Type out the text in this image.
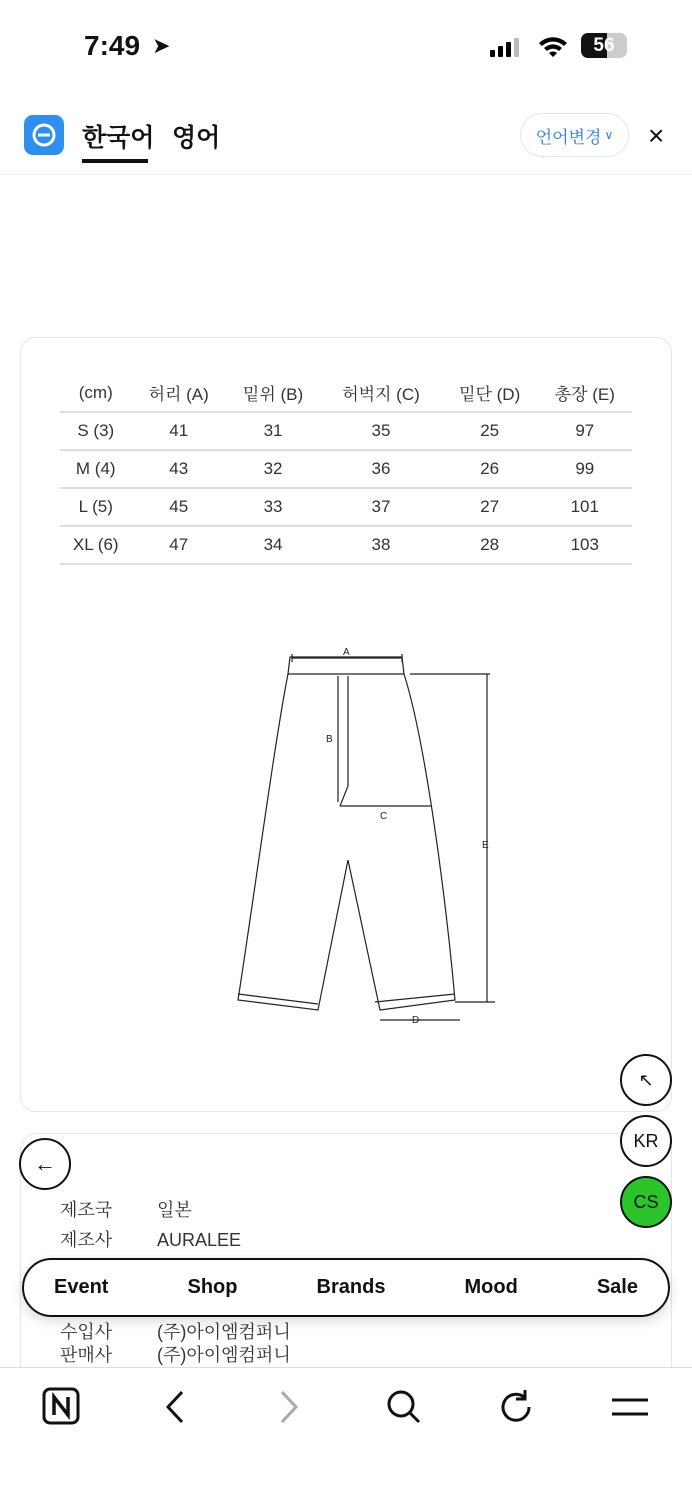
7:49 ➤	56
한국어 영어	언어변경 ∨ ×
(cm)	허리 (A)	밑위 (B)	허벅지 (C)	밑단 (D)	총장 (E)
S (3)	41	31	35	25	97
M (4)	43	32	36	26	99
L (5)	45	33	37	27	101
XL (6)	47	34	38	28	103
A
B
C
D
E
제조국 일본
제조사 AURALEE
수입사 (주)아이엠컴퍼니
판매사 (주)아이엠컴퍼니
↖
KR
CS
←
Event	Shop	Brands	Mood	Sale
